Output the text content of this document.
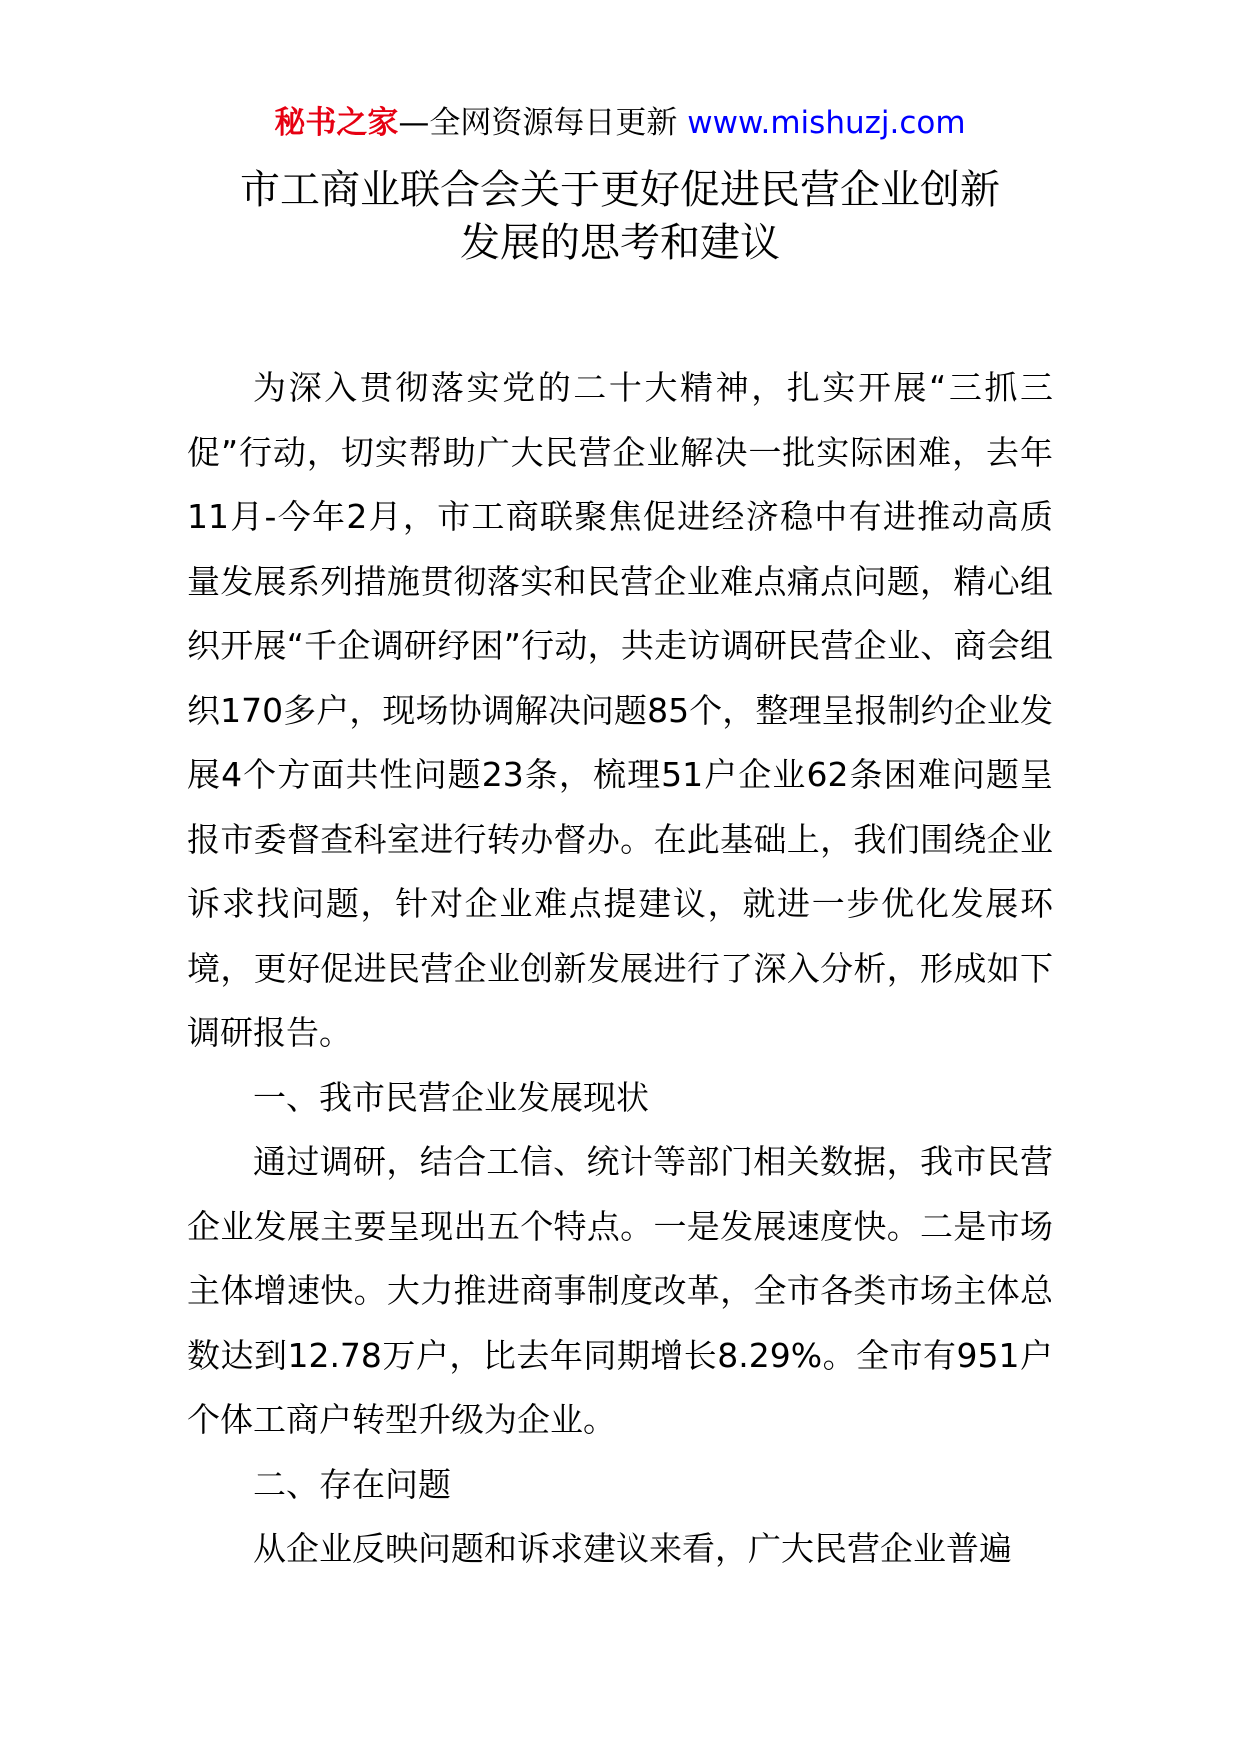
秘书之家—全网资源每日更新 www.mishuzj.com
市工商业联合会关于更好促进民营企业创新
发展的思考和建议

为深入贯彻落实党的二十大精神，扎实开展“三抓三促”行动，切实帮助广大民营企业解决一批实际困难，去年11月-今年2月，市工商联聚焦促进经济稳中有进推动高质量发展系列措施贯彻落实和民营企业难点痛点问题，精心组织开展“千企调研纾困”行动，共走访调研民营企业、商会组织170多户，现场协调解决问题85个，整理呈报制约企业发展4个方面共性问题23条，梳理51户企业62条困难问题呈报市委督查科室进行转办督办。在此基础上，我们围绕企业诉求找问题，针对企业难点提建议，就进一步优化发展环境，更好促进民营企业创新发展进行了深入分析，形成如下调研报告。

一、我市民营企业发展现状

通过调研，结合工信、统计等部门相关数据，我市民营企业发展主要呈现出五个特点。一是发展速度快。二是市场主体增速快。大力推进商事制度改革，全市各类市场主体总数达到12.78万户，比去年同期增长8.29%。全市有951户个体工商户转型升级为企业。

二、存在问题

从企业反映问题和诉求建议来看，广大民营企业普遍
